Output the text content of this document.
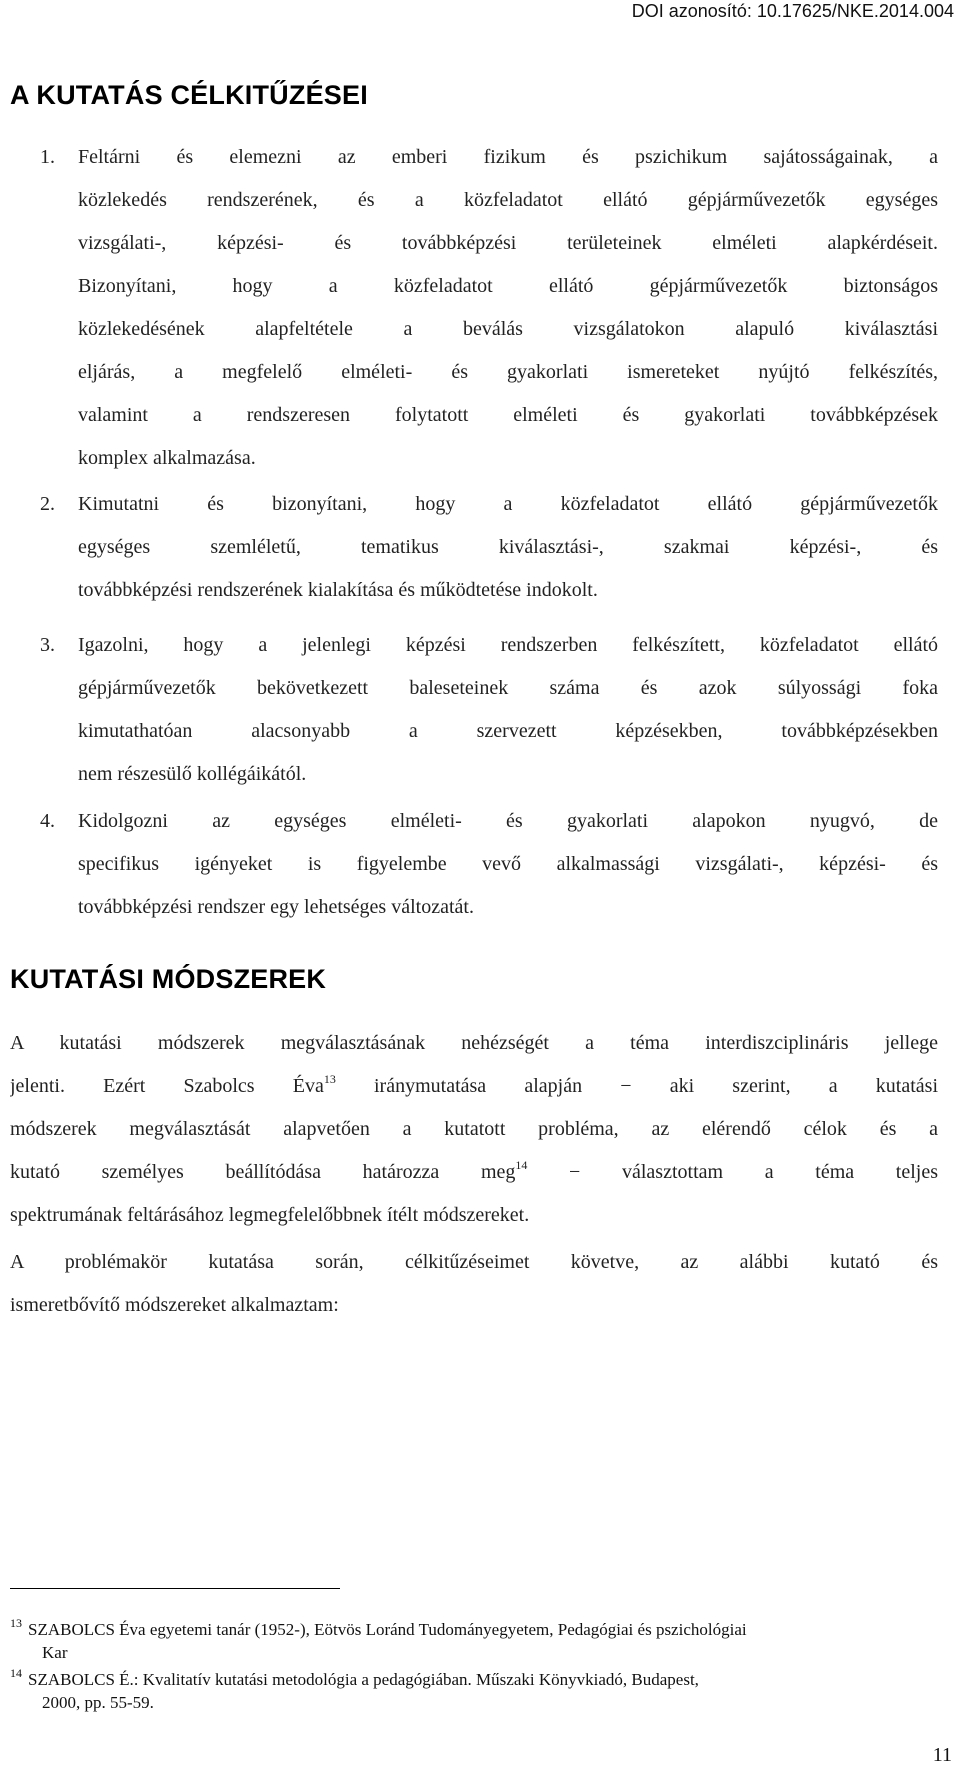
DOI azonosító: 10.17625/NKE.2014.004
A KUTATÁS CÉLKITŰZÉSEI
1. Feltárni és elemezni az emberi fizikum és pszichikum sajátosságainak, a
közlekedés rendszerének, és a közfeladatot ellátó gépjárművezetők egységes
vizsgálati-, képzési- és továbbképzési területeinek elméleti alapkérdéseit.
Bizonyítani, hogy a közfeladatot ellátó gépjárművezetők biztonságos
közlekedésének alapfeltétele a beválás vizsgálatokon alapuló kiválasztási
eljárás, a megfelelő elméleti- és gyakorlati ismereteket nyújtó felkészítés,
valamint a rendszeresen folytatott elméleti és gyakorlati továbbképzések
komplex alkalmazása.
2. Kimutatni és bizonyítani, hogy a közfeladatot ellátó gépjárművezetők
egységes szemléletű, tematikus kiválasztási-, szakmai képzési-, és
továbbképzési rendszerének kialakítása és működtetése indokolt.
3. Igazolni, hogy a jelenlegi képzési rendszerben felkészített, közfeladatot ellátó
gépjárművezetők bekövetkezett baleseteinek száma és azok súlyossági foka
kimutathatóan alacsonyabb a szervezett képzésekben, továbbképzésekben
nem részesülő kollégáikától.
4. Kidolgozni az egységes elméleti- és gyakorlati alapokon nyugvó, de
specifikus igényeket is figyelembe vevő alkalmassági vizsgálati-, képzési- és
továbbképzési rendszer egy lehetséges változatát.
KUTATÁSI MÓDSZEREK
A kutatási módszerek megválasztásának nehézségét a téma interdiszciplináris jellege
jelenti. Ezért Szabolcs Éva$^{13}$ iránymutatása alapján − aki szerint, a kutatási
módszerek megválasztását alapvetően a kutatott probléma, az elérendő célok és a
kutató személyes beállítódása határozza meg$^{14}$ − választottam a téma teljes
spektrumának feltárásához legmegfelelőbbnek ítélt módszereket.
A problémakör kutatása során, célkitűzéseimet követve, az alábbi kutató és
ismeretbővítő módszereket alkalmaztam:
$^{13}$ SZABOLCS Éva egyetemi tanár (1952-), Eötvös Loránd Tudományegyetem, Pedagógiai és pszichológiai
Kar
$^{14}$ SZABOLCS É.: Kvalitatív kutatási metodológia a pedagógiában. Műszaki Könyvkiadó, Budapest,
2000, pp. 55-59.
11
